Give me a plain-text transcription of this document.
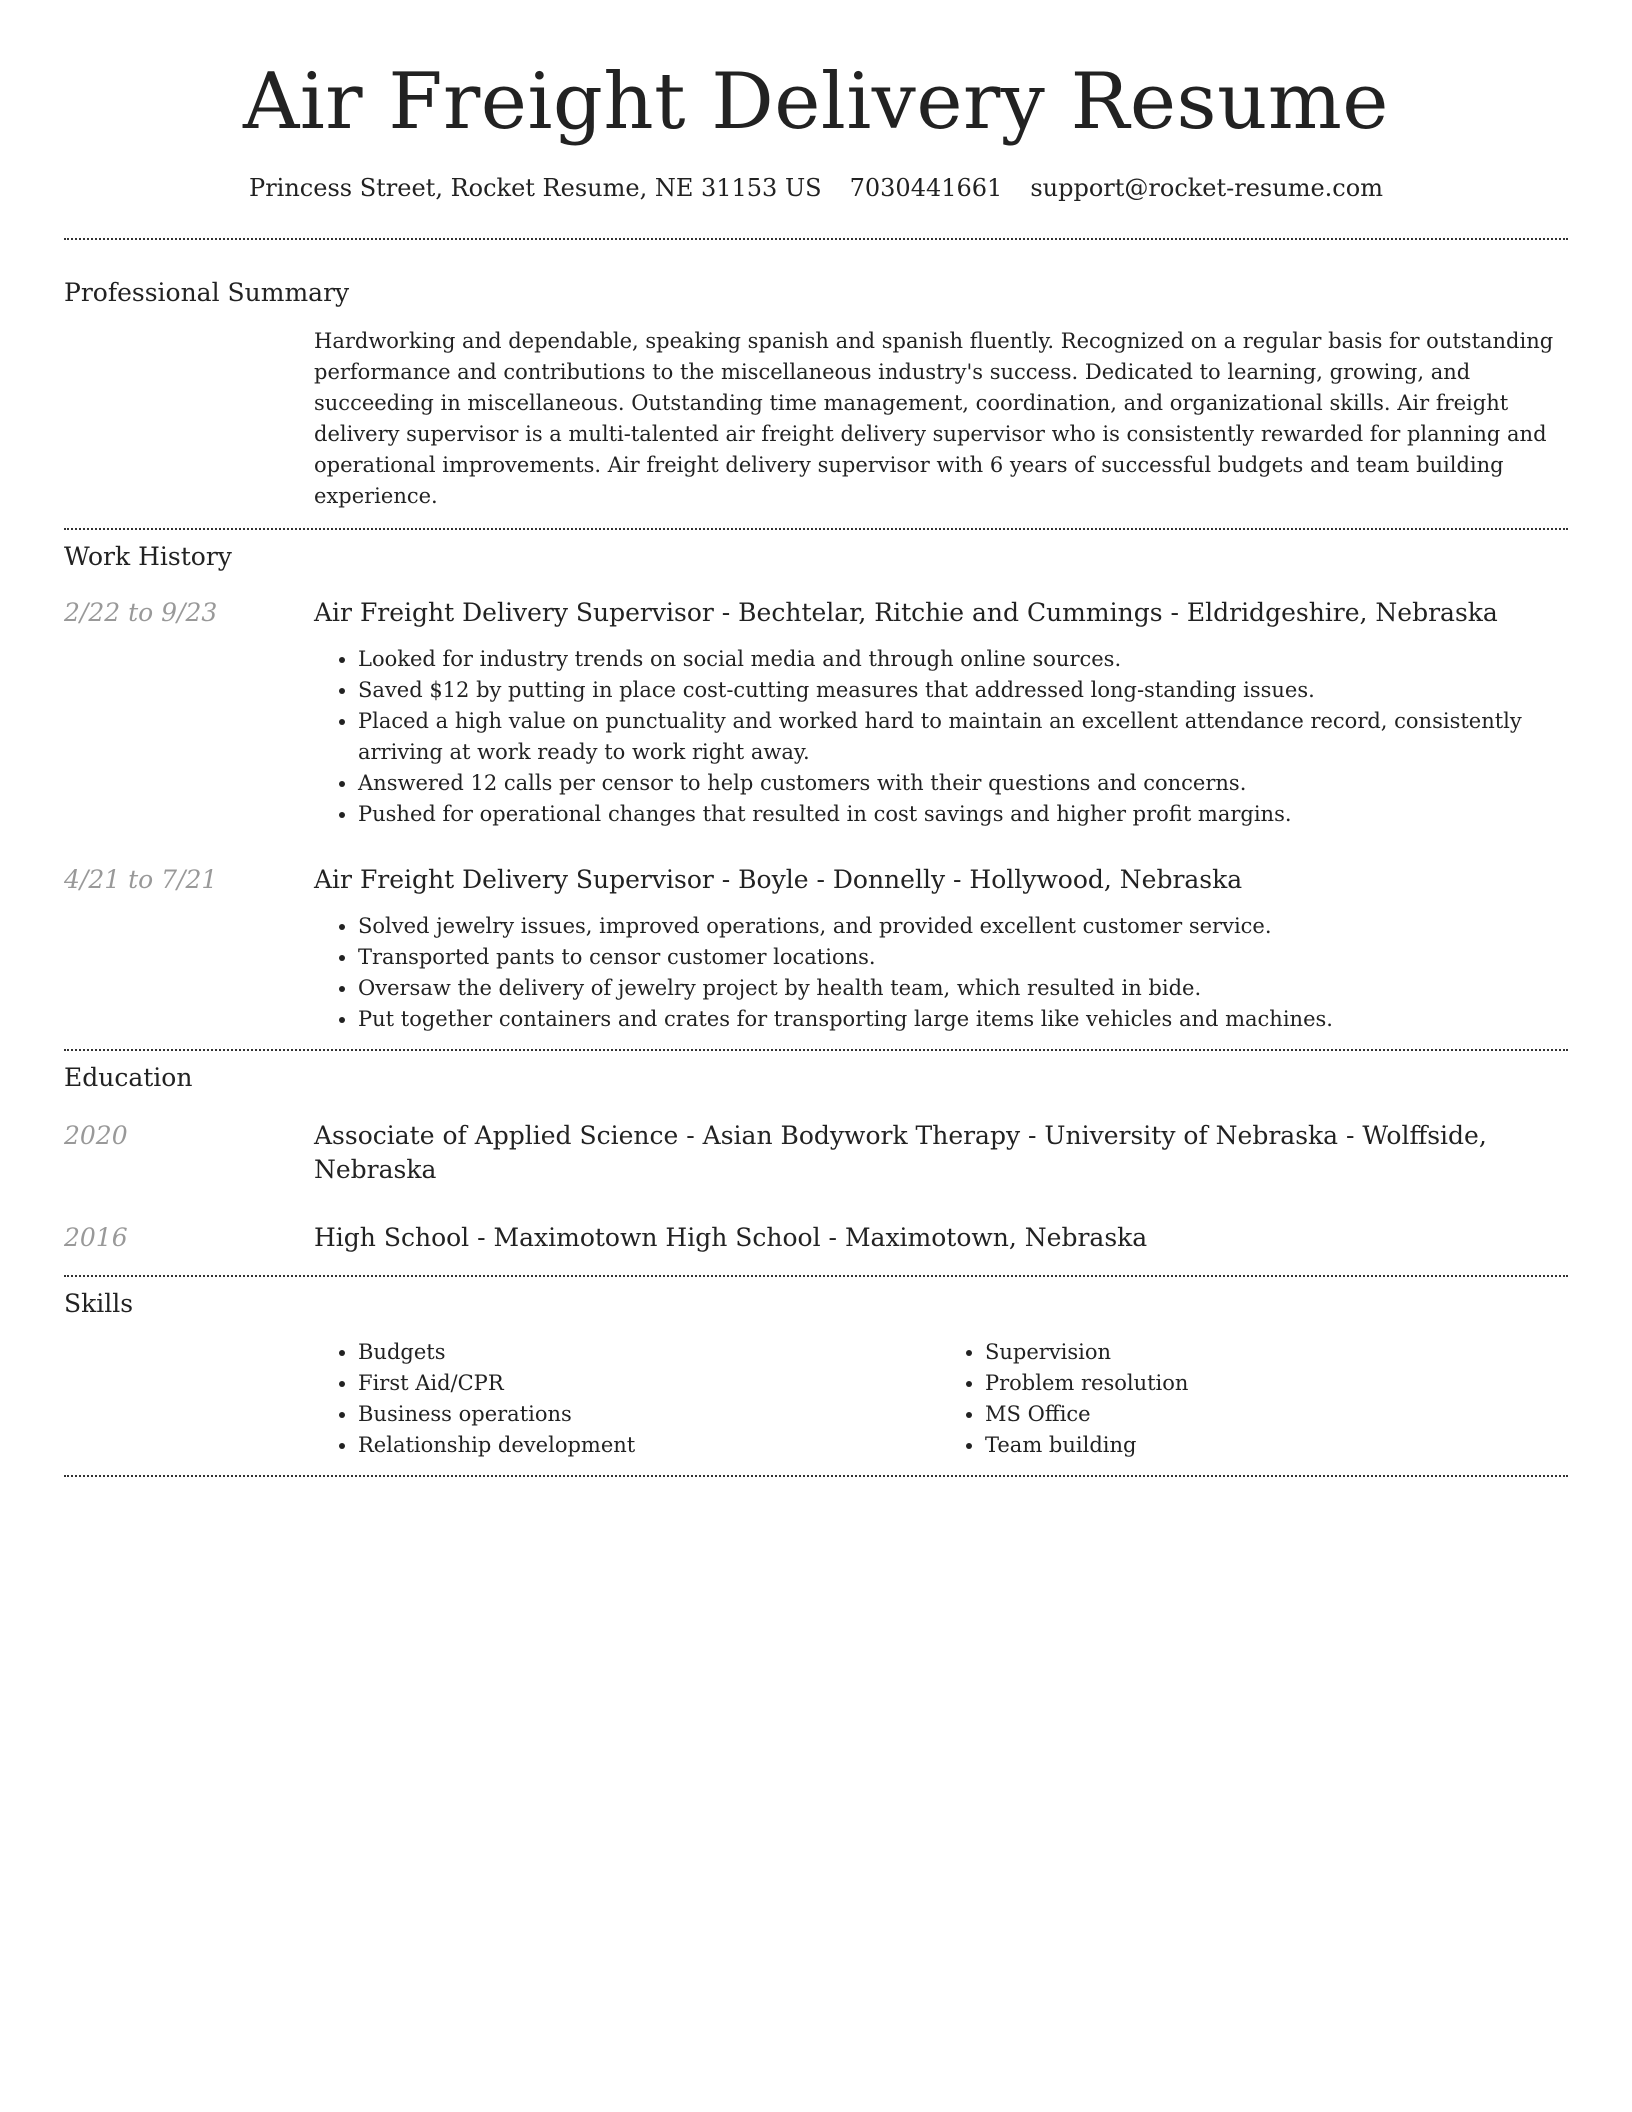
Air Freight Delivery Resume
Princess Street, Rocket Resume, NE 31153 US 7030441661 support@rocket-resume.com
Professional Summary

Hardworking and dependable, speaking spanish and spanish fluently. Recognized on a regular basis for outstanding performance and contributions to the miscellaneous industry's success. Dedicated to learning, growing, and succeeding in miscellaneous. Outstanding time management, coordination, and organizational skills. Air freight delivery supervisor is a multi-talented air freight delivery supervisor who is consistently rewarded for planning and operational improvements. Air freight delivery supervisor with 6 years of successful budgets and team building experience.

Work History
2/22 to 9/23	Air Freight Delivery Supervisor - Bechtelar, Ritchie and Cummings - Eldridgeshire, Nebraska

• Looked for industry trends on social media and through online sources.
• Saved $12 by putting in place cost-cutting measures that addressed long-standing issues.
• Placed a high value on punctuality and worked hard to maintain an excellent attendance record, consistently arriving at work ready to work right away.
• Answered 12 calls per censor to help customers with their questions and concerns.
• Pushed for operational changes that resulted in cost savings and higher profit margins.
4/21 to 7/21	Air Freight Delivery Supervisor - Boyle - Donnelly - Hollywood, Nebraska

• Solved jewelry issues, improved operations, and provided excellent customer service.
• Transported pants to censor customer locations.
• Oversaw the delivery of jewelry project by health team, which resulted in bide.
• Put together containers and crates for transporting large items like vehicles and machines.
Education
2020	Associate of Applied Science - Asian Bodywork Therapy - University of Nebraska - Wolffside, Nebraska

2016	High School - Maximotown High School - Maximotown, Nebraska

Skills
• Budgets
• First Aid/CPR
• Business operations
• Relationship development
• Supervision
• Problem resolution
• MS Office
• Team building
